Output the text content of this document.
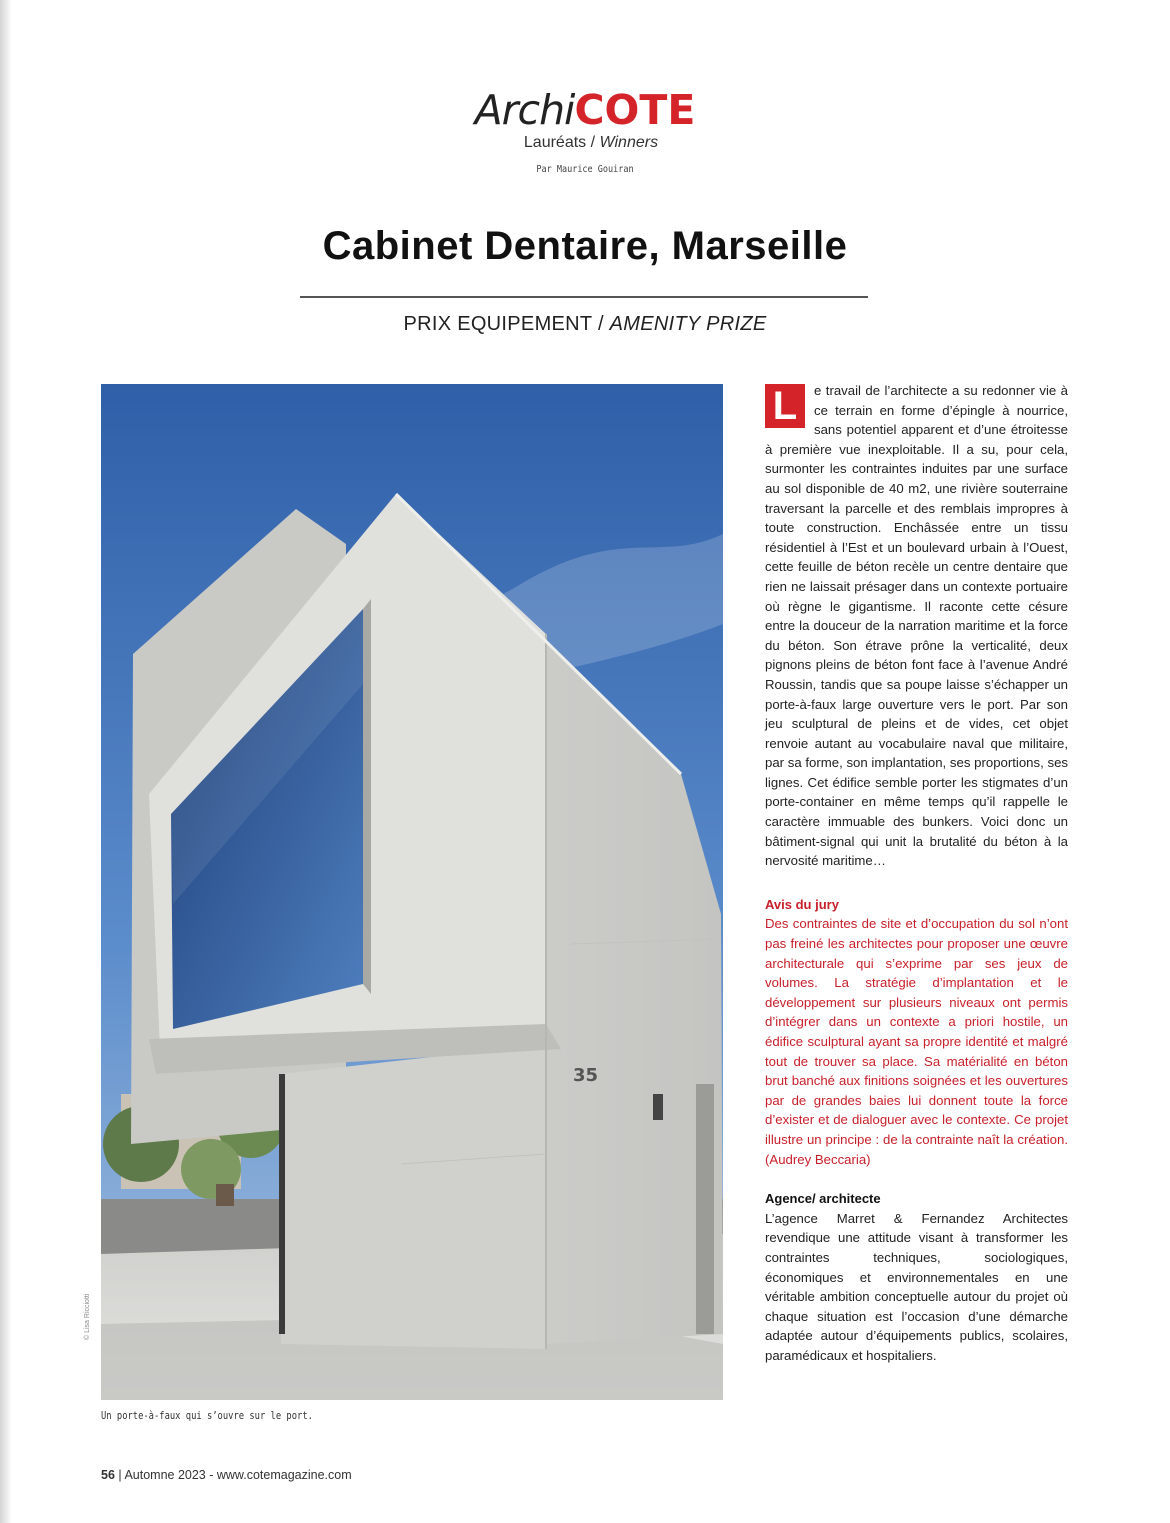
ArchiCOTE
Lauréats / Winners
Par Maurice Gouiran
Cabinet Dentaire, Marseille
PRIX EQUIPEMENT / AMENITY PRIZE
35
© Lisa Ricciotti
Un porte-à-faux qui s’ouvre sur le port.

L	e travail de l’architecte a su redonner vie à ce terrain en forme d’épingle à nourrice, sans potentiel apparent et d’une étroitesse à première vue inexploitable. Il a su, pour cela, surmonter les contraintes induites par une surface au sol disponible de 40 m2, une rivière souterraine traversant la parcelle et des remblais impropres à toute construction. Enchâssée entre un tissu résidentiel à l’Est et un boulevard urbain à l’Ouest, cette feuille de béton recèle un centre dentaire que rien ne laissait présager dans un contexte portuaire où règne le gigantisme. Il raconte cette césure entre la douceur de la narration maritime et la force du béton. Son étrave prône la verticalité, deux pignons pleins de béton font face à l’avenue André Roussin, tandis que sa poupe laisse s’échapper un porte-à-faux large ouverture vers le port. Par son jeu sculptural de pleins et de vides, cet objet renvoie autant au vocabulaire naval que militaire, par sa forme, son implantation, ses proportions, ses lignes. Cet édifice semble porter les stigmates d’un porte-container en même temps qu’il rappelle le caractère immuable des bunkers. Voici donc un bâtiment-signal qui unit la brutalité du béton à la nervosité maritime…

Avis du jury

Des contraintes de site et d’occupation du sol n’ont pas freiné les architectes pour proposer une œuvre architecturale qui s’exprime par ses jeux de volumes. La stratégie d’implantation et le développement sur plusieurs niveaux ont permis d’intégrer dans un contexte a priori hostile, un édifice sculptural ayant sa propre identité et malgré tout de trouver sa place. Sa matérialité en béton brut banché aux finitions soignées et les ouvertures par de grandes baies lui donnent toute la force d’exister et de dialoguer avec le contexte. Ce projet illustre un principe : de la contrainte naît la création. (Audrey Beccaria)

Agence/ architecte

L’agence Marret & Fernandez Architectes revendique une attitude visant à transformer les contraintes techniques, sociologiques, économiques et environnementales en une véritable ambition conceptuelle autour du projet où chaque situation est l’occasion d’une démarche adaptée autour d’équipements publics, scolaires, paramédicaux et hospitaliers.

56 | Automne 2023 - www.cotemagazine.com
